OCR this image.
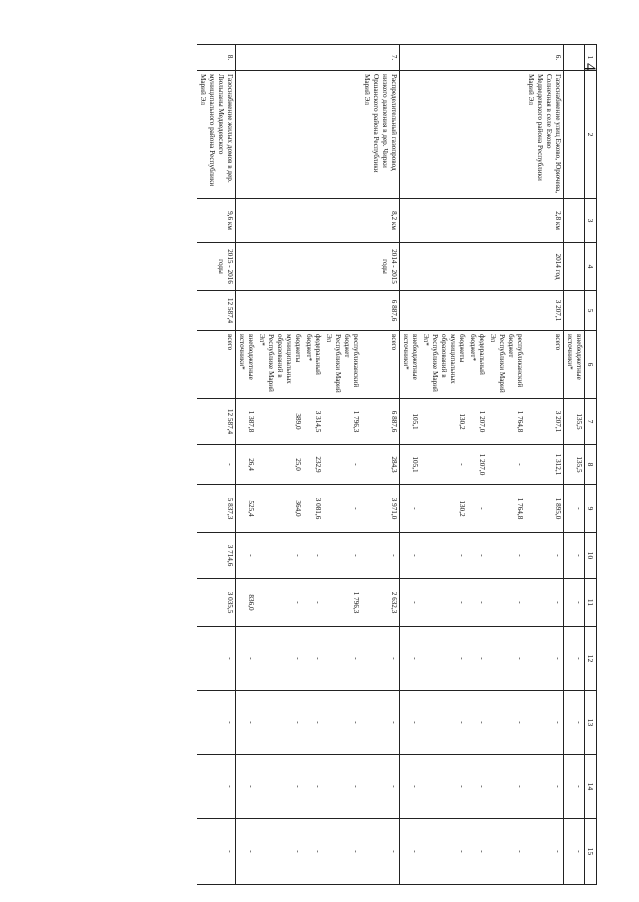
4
1	2	3	4	5	6	7	8	9	10	11	12	13	14	15
					внебюджетные источники*	135,5	135,5	-	-	-	-	-	-	-
6.	Газоснабжение улиц Ежово, Юрючева, Солнечная в селе Ежово Медведевского района Республики Марий Эл	2,8 км	2014 год	3 207,1	всего	3 207,1	1 312,1	1 895,0	-	-	-	-	-	-
					республиканский бюджет Республики Марий Эл	1 764,8	-	1 764,8	-	-	-	-	-	-
					федеральный бюджет*	1 207,0	1 207,0	-	-	-	-	-	-	-
					бюджеты муниципальных образований в Республике Марий Эл*	130,2	-	130,2	-	-	-	-	-	-
					внебюджетные источники*	105,1	105,1	-	-	-	-	-	-	-
7.	Распределительный газопровод низкого давления в дер. Чирки Оршанского района Республики Марий Эл	8,2 км	2014 - 2015 годы	6 887,6	всего	6 887,6	284,3	3 971,0	-	2 632,3	-	-	-	-
					республиканский бюджет Республики Марий Эл	1 796,3	-	-	-	1 796,3	-	-	-	-
					федеральный бюджет*	3 314,5	232,9	3 081,6	-	-	-	-	-	-
					бюджеты муниципальных образований в Республике Марий Эл*	389,0	25,0	364,0	-	-	-	-	-	-
					внебюджетные источники*	1 387,8	26,4	525,4	-	836,0	-	-	-	-
8.	Газоснабжение жилых домов в дер. Люльпаны Медведевского муниципального района Республики Марий Эл	9,6 км	2015 - 2016 годы	12 587,4	всего	12 587,4	-	5 837,3	3 714,6	3 035,5	-	-	-	-
